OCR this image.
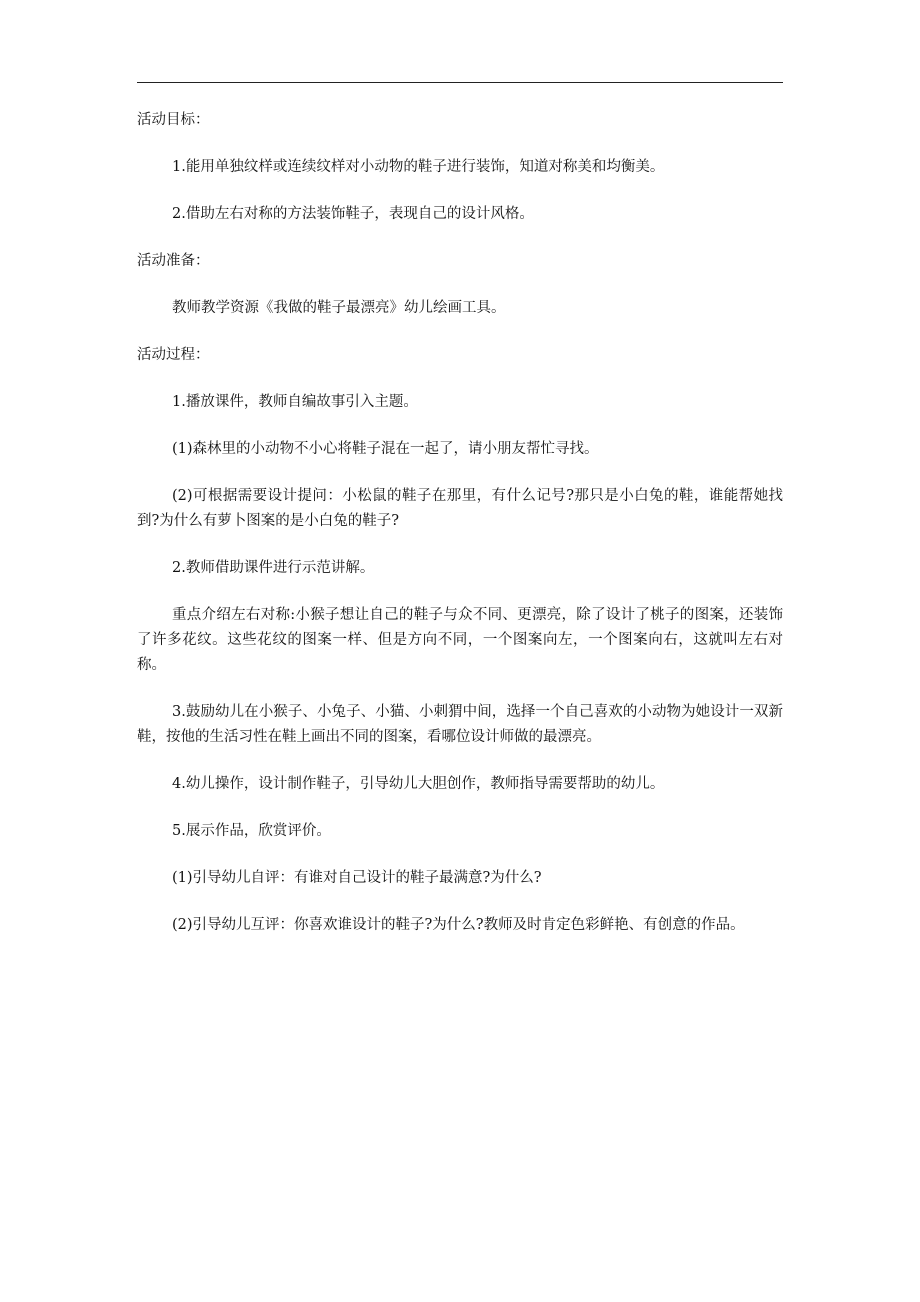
活动目标：

1.能用单独纹样或连续纹样对小动物的鞋子进行装饰，知道对称美和均衡美。

2.借助左右对称的方法装饰鞋子，表现自己的设计风格。

活动准备：

教师教学资源《我做的鞋子最漂亮》幼儿绘画工具。

活动过程：

1.播放课件，教师自编故事引入主题。

(1)森林里的小动物不小心将鞋子混在一起了，请小朋友帮忙寻找。

(2)可根据需要设计提问：小松鼠的鞋子在那里，有什么记号?那只是小白兔的鞋，谁能帮她找到?为什么有萝卜图案的是小白兔的鞋子?

2.教师借助课件进行示范讲解。

重点介绍左右对称:小猴子想让自己的鞋子与众不同、更漂亮，除了设计了桃子的图案，还装饰了许多花纹。这些花纹的图案一样、但是方向不同，一个图案向左，一个图案向右，这就叫左右对称。

3.鼓励幼儿在小猴子、小兔子、小猫、小刺猬中间，选择一个自己喜欢的小动物为她设计一双新鞋，按他的生活习性在鞋上画出不同的图案，看哪位设计师做的最漂亮。

4.幼儿操作，设计制作鞋子，引导幼儿大胆创作，教师指导需要帮助的幼儿。

5.展示作品，欣赏评价。

(1)引导幼儿自评：有谁对自己设计的鞋子最满意?为什么?

(2)引导幼儿互评：你喜欢谁设计的鞋子?为什么?教师及时肯定色彩鲜艳、有创意的作品。
